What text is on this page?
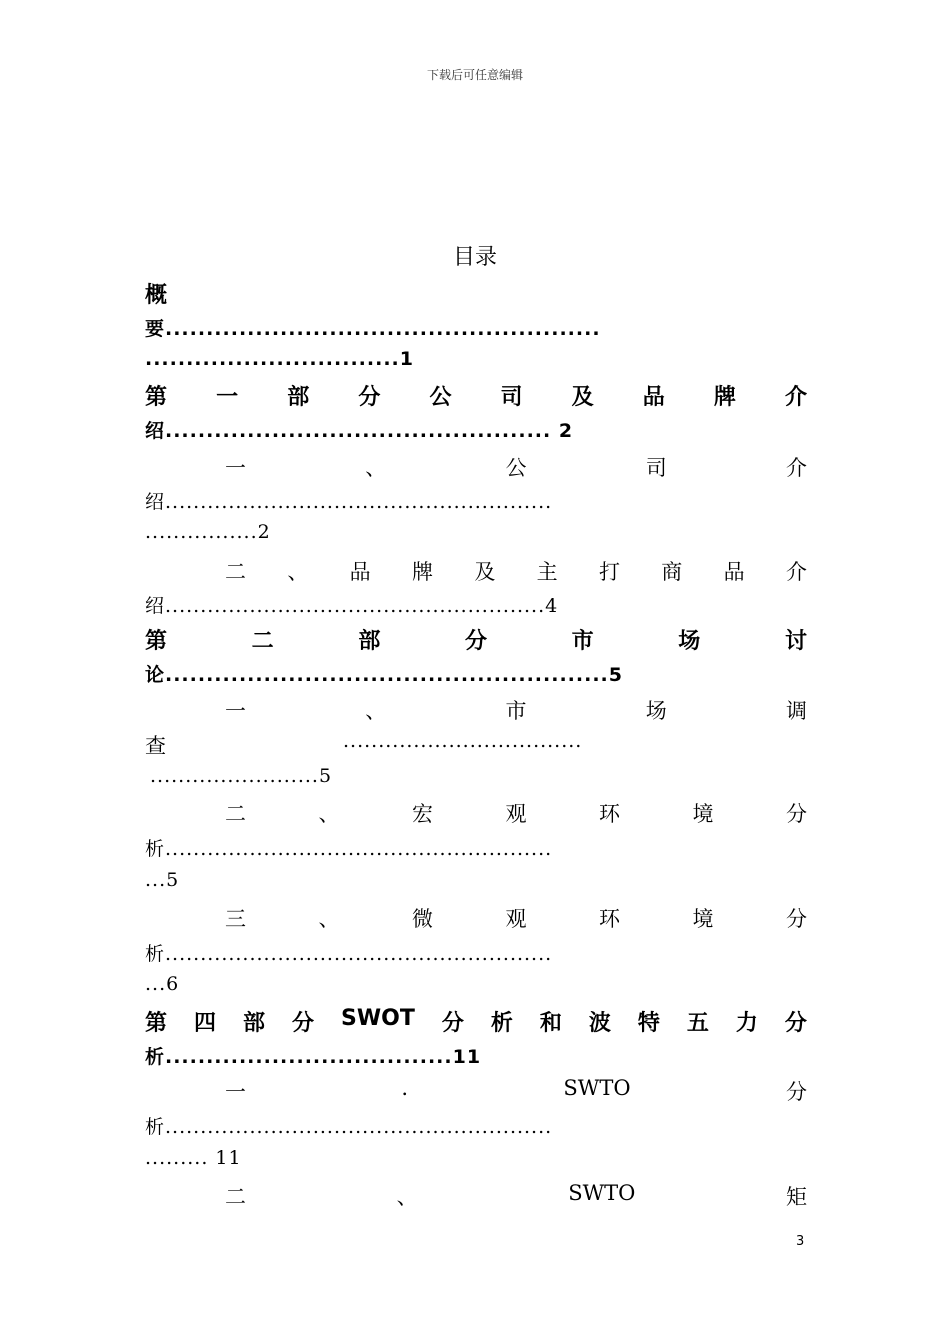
下载后可任意编辑
目录
概
要.....................................................
...............................1
第 一 部 分 公 司 及 品 牌 介
绍............................................... 2
一	、	公	司	介
绍.......................................................
................2
二 、 品 牌 及 主 打 商 品 介
绍......................................................4
第	二	部	分	市	场	讨
论......................................................5
一	、	市	场	调
查	..................................
........................5
二	、	宏	观	环	境	分
析.......................................................
...5
三	、	微	观	环	境	分
析.......................................................
...6
第 四 部 分 SWOT 分 析 和 波 特 五 力 分
析...................................11
一	.	SWTO	分
析.......................................................
......... 11
二	、	SWTO	矩
3
